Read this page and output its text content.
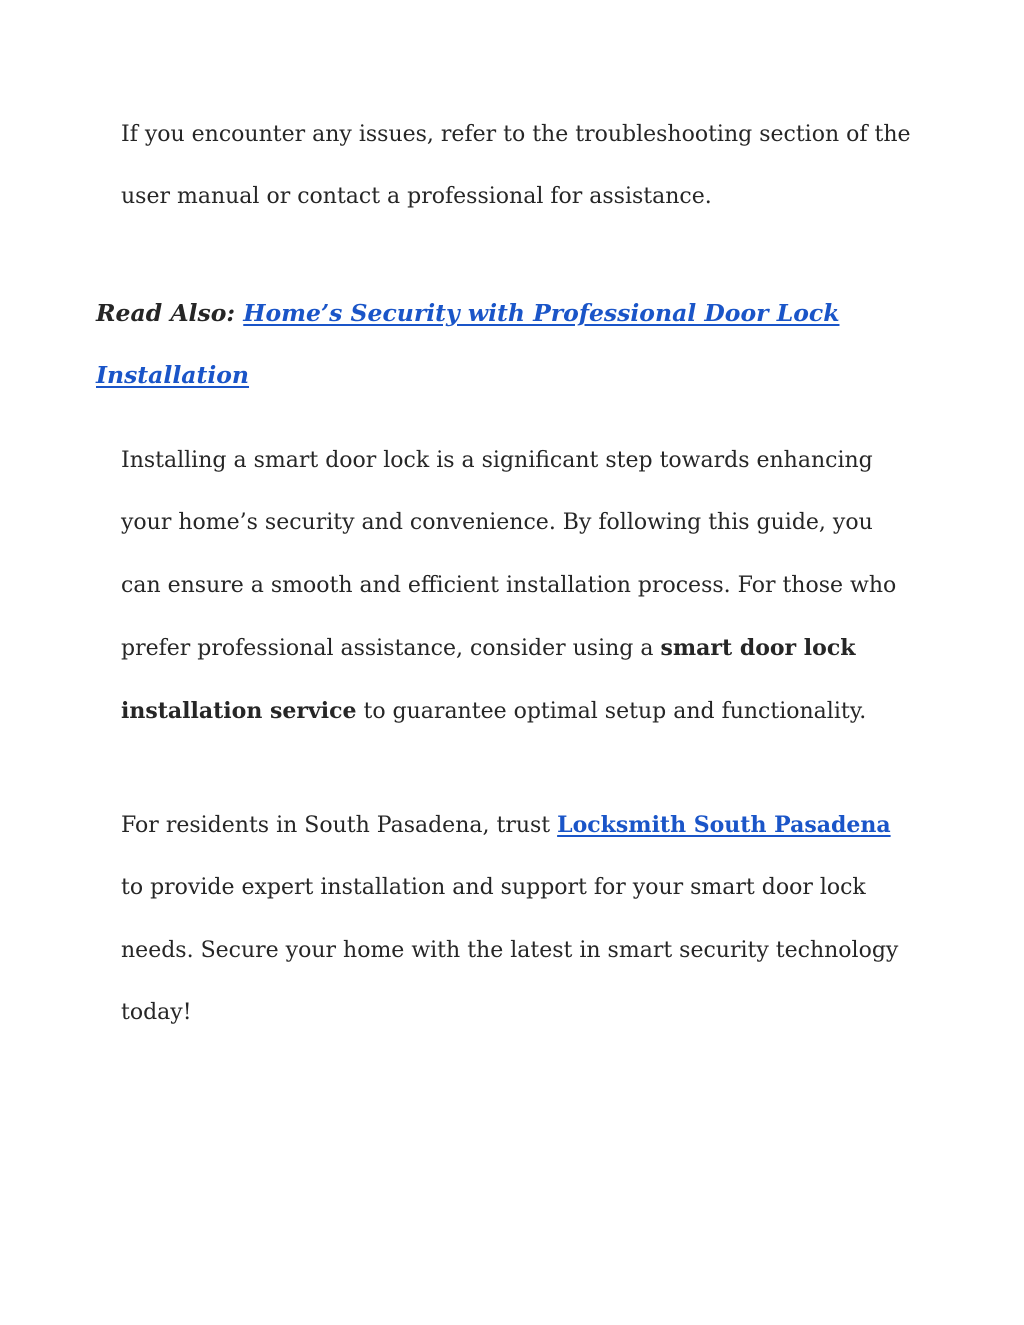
If you encounter any issues, refer to the troubleshooting section of the
user manual or contact a professional for assistance.

Read Also: Home’s Security with Professional Door Lock
Installation

Installing a smart door lock is a significant step towards enhancing
your home’s security and convenience. By following this guide, you
can ensure a smooth and efficient installation process. For those who
prefer professional assistance, consider using a smart door lock
installation service to guarantee optimal setup and functionality.

For residents in South Pasadena, trust Locksmith South Pasadena
to provide expert installation and support for your smart door lock
needs. Secure your home with the latest in smart security technology
today!
